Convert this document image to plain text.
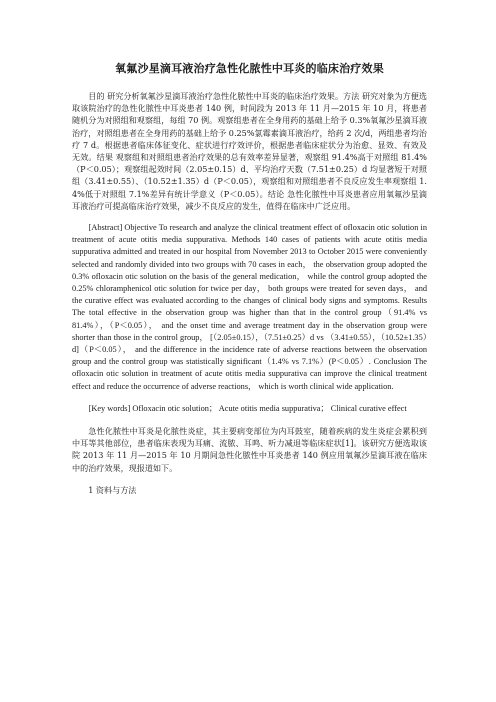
氧氟沙星滴耳液治疗急性化脓性中耳炎的临床治疗效果

目的 研究分析氧氟沙星滴耳液治疗急性化脓性中耳炎的临床治疗效果。方法 研究对象为方便选取该院治疗的急性化脓性中耳炎患者 140 例，时间段为 2013 年 11 月—2015 年 10 月，将患者随机分为对照组和观察组，每组 70 例。观察组患者在全身用药的基础上给予 0.3%氧氟沙星滴耳液治疗，对照组患者在全身用药的基础上给予 0.25%氯霉素滴耳液治疗，给药 2 次/d，两组患者均治疗 7 d。根据患者临床体征变化、症状进行疗效评价，根据患者临床症状分为治愈、显效、有效及无效。结果 观察组和对照组患者治疗效果的总有效率差异显著，观察组 91.4%高于对照组 81.4%（P＜0.05）；观察组起效时间（2.05±0.15）d、平均治疗天数（7.51±0.25）d 均显著短于对照组（3.41±0.55）、（10.52±1.35）d（P＜0.05），观察组和对照组患者不良反应发生率观察组 1.4%低于对照组 7.1%差异有统计学意义（P＜0.05）。结论 急性化脓性中耳炎患者应用氧氟沙星滴耳液治疗可提高临床治疗效果，减少不良反应的发生，值得在临床中广泛应用。

[Abstract] Objective To research and analyze the clinical treatment effect of ofloxacin otic solution in treatment of acute otitis media suppurativa. Methods 140 cases of patients with acute otitis media suppurativa admitted and treated in our hospital from November 2013 to October 2015 were conveniently selected and randomly divided into two groups with 70 cases in each， the observation group adopted the 0.3% ofloxacin otic solution on the basis of the general medication， while the control group adopted the 0.25% chloramphenicol otic solution for twice per day， both groups were treated for seven days， and the curative effect was evaluated according to the changes of clinical body signs and symptoms. Results The total effective in the observation group was higher than that in the control group（91.4% vs 81.4%），（P＜0.05）， and the onset time and average treatment day in the observation group were shorter than those in the control group， [（2.05±0.15），（7.51±0.25）d vs （3.41±0.55），（10.52±1.35）d]（P＜0.05）， and the difference in the incidence rate of adverse reactions between the observation group and the control group was statistically significant（1.4% vs 7.1%）(P＜0.05）. Conclusion The ofloxacin otic solution in treatment of acute otitis media suppurativa can improve the clinical treatment effect and reduce the occurrence of adverse reactions， which is worth clinical wide application.

[Key words] Ofloxacin otic solution； Acute otitis media suppurativa； Clinical curative effect

急性化脓性中耳炎是化脓性炎症，其主要病变部位为内耳鼓室，随着疾病的发生炎症会累积到中耳等其他部位，患者临床表现为耳痛、流脓、耳鸣、听力减退等临床症状[1]。该研究方便选取该院 2013 年 11 月—2015 年 10 月期间急性化脓性中耳炎患者 140 例应用氧氟沙星滴耳液在临床中的治疗效果，现报道如下。

1 资料与方法
